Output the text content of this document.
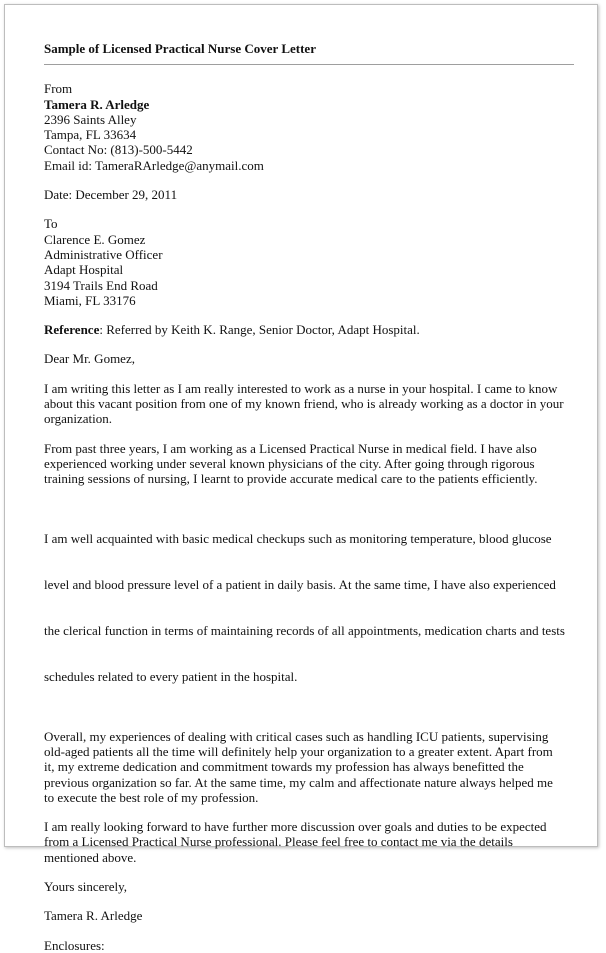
Sample of Licensed Practical Nurse Cover Letter
From
Tamera R. Arledge
2396 Saints Alley
Tampa, FL 33634
Contact No: (813)-500-5442
Email id: TameraRArledge@anymail.com
Date: December 29, 2011
To
Clarence E. Gomez
Administrative Officer
Adapt Hospital
3194 Trails End Road
Miami, FL 33176
Reference: Referred by Keith K. Range, Senior Doctor, Adapt Hospital.
Dear Mr. Gomez,
I am writing this letter as I am really interested to work as a nurse in your hospital. I came to know
about this vacant position from one of my known friend, who is already working as a doctor in your
organization.
From past three years, I am working as a Licensed Practical Nurse in medical field. I have also
experienced working under several known physicians of the city. After going through rigorous
training sessions of nursing, I learnt to provide accurate medical care to the patients efficiently.

I am well acquainted with basic medical checkups such as monitoring temperature, blood glucose

level and blood pressure level of a patient in daily basis. At the same time, I have also experienced

the clerical function in terms of maintaining records of all appointments, medication charts and tests

schedules related to every patient in the hospital.

Overall, my experiences of dealing with critical cases such as handling ICU patients, supervising
old-aged patients all the time will definitely help your organization to a greater extent. Apart from
it, my extreme dedication and commitment towards my profession has always benefitted the
previous organization so far. At the same time, my calm and affectionate nature always helped me
to execute the best role of my profession.
I am really looking forward to have further more discussion over goals and duties to be expected
from a Licensed Practical Nurse professional. Please feel free to contact me via the details
mentioned above.
Yours sincerely,
Tamera R. Arledge
Enclosures:
